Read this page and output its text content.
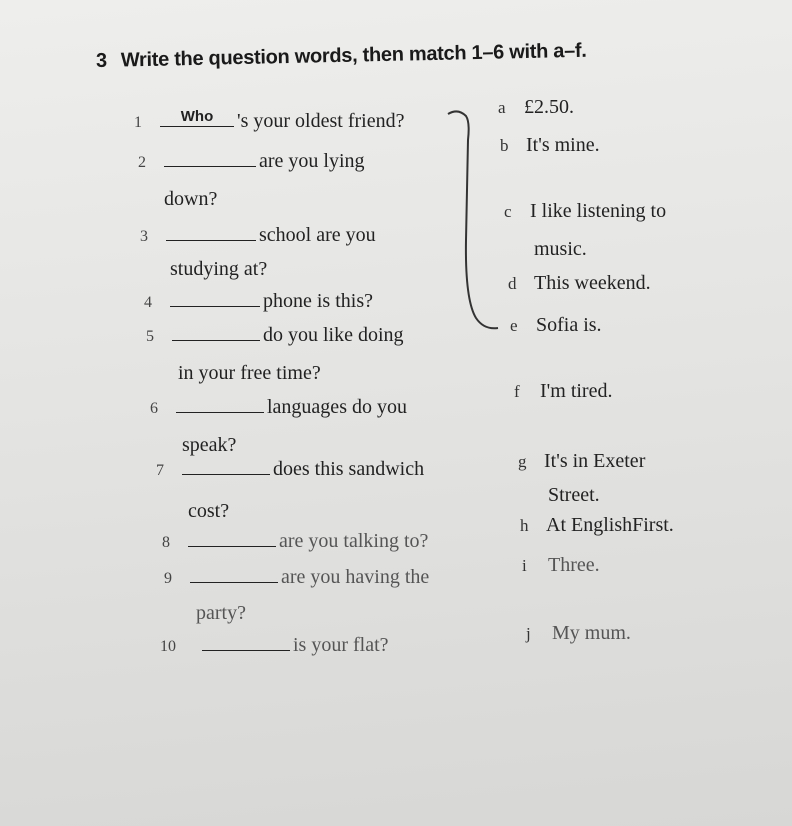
3 Write the question words, then match 1–6 with a–f.
1	$^{Who}$ 's your oldest friend?
2	are you lying
down?
3	school are you
studying at?
4	phone is this?
5	do you like doing
in your free time?
6	languages do you
speak?
7	does this sandwich
cost?
8	are you talking to?
9	are you having the
party?
10	is your flat?
a £2.50.
b It's mine.
c I like listening to
music.
d This weekend.
e Sofia is.
f I'm tired.
g It's in Exeter
Street.
h At EnglishFirst.
i Three.
j My mum.
